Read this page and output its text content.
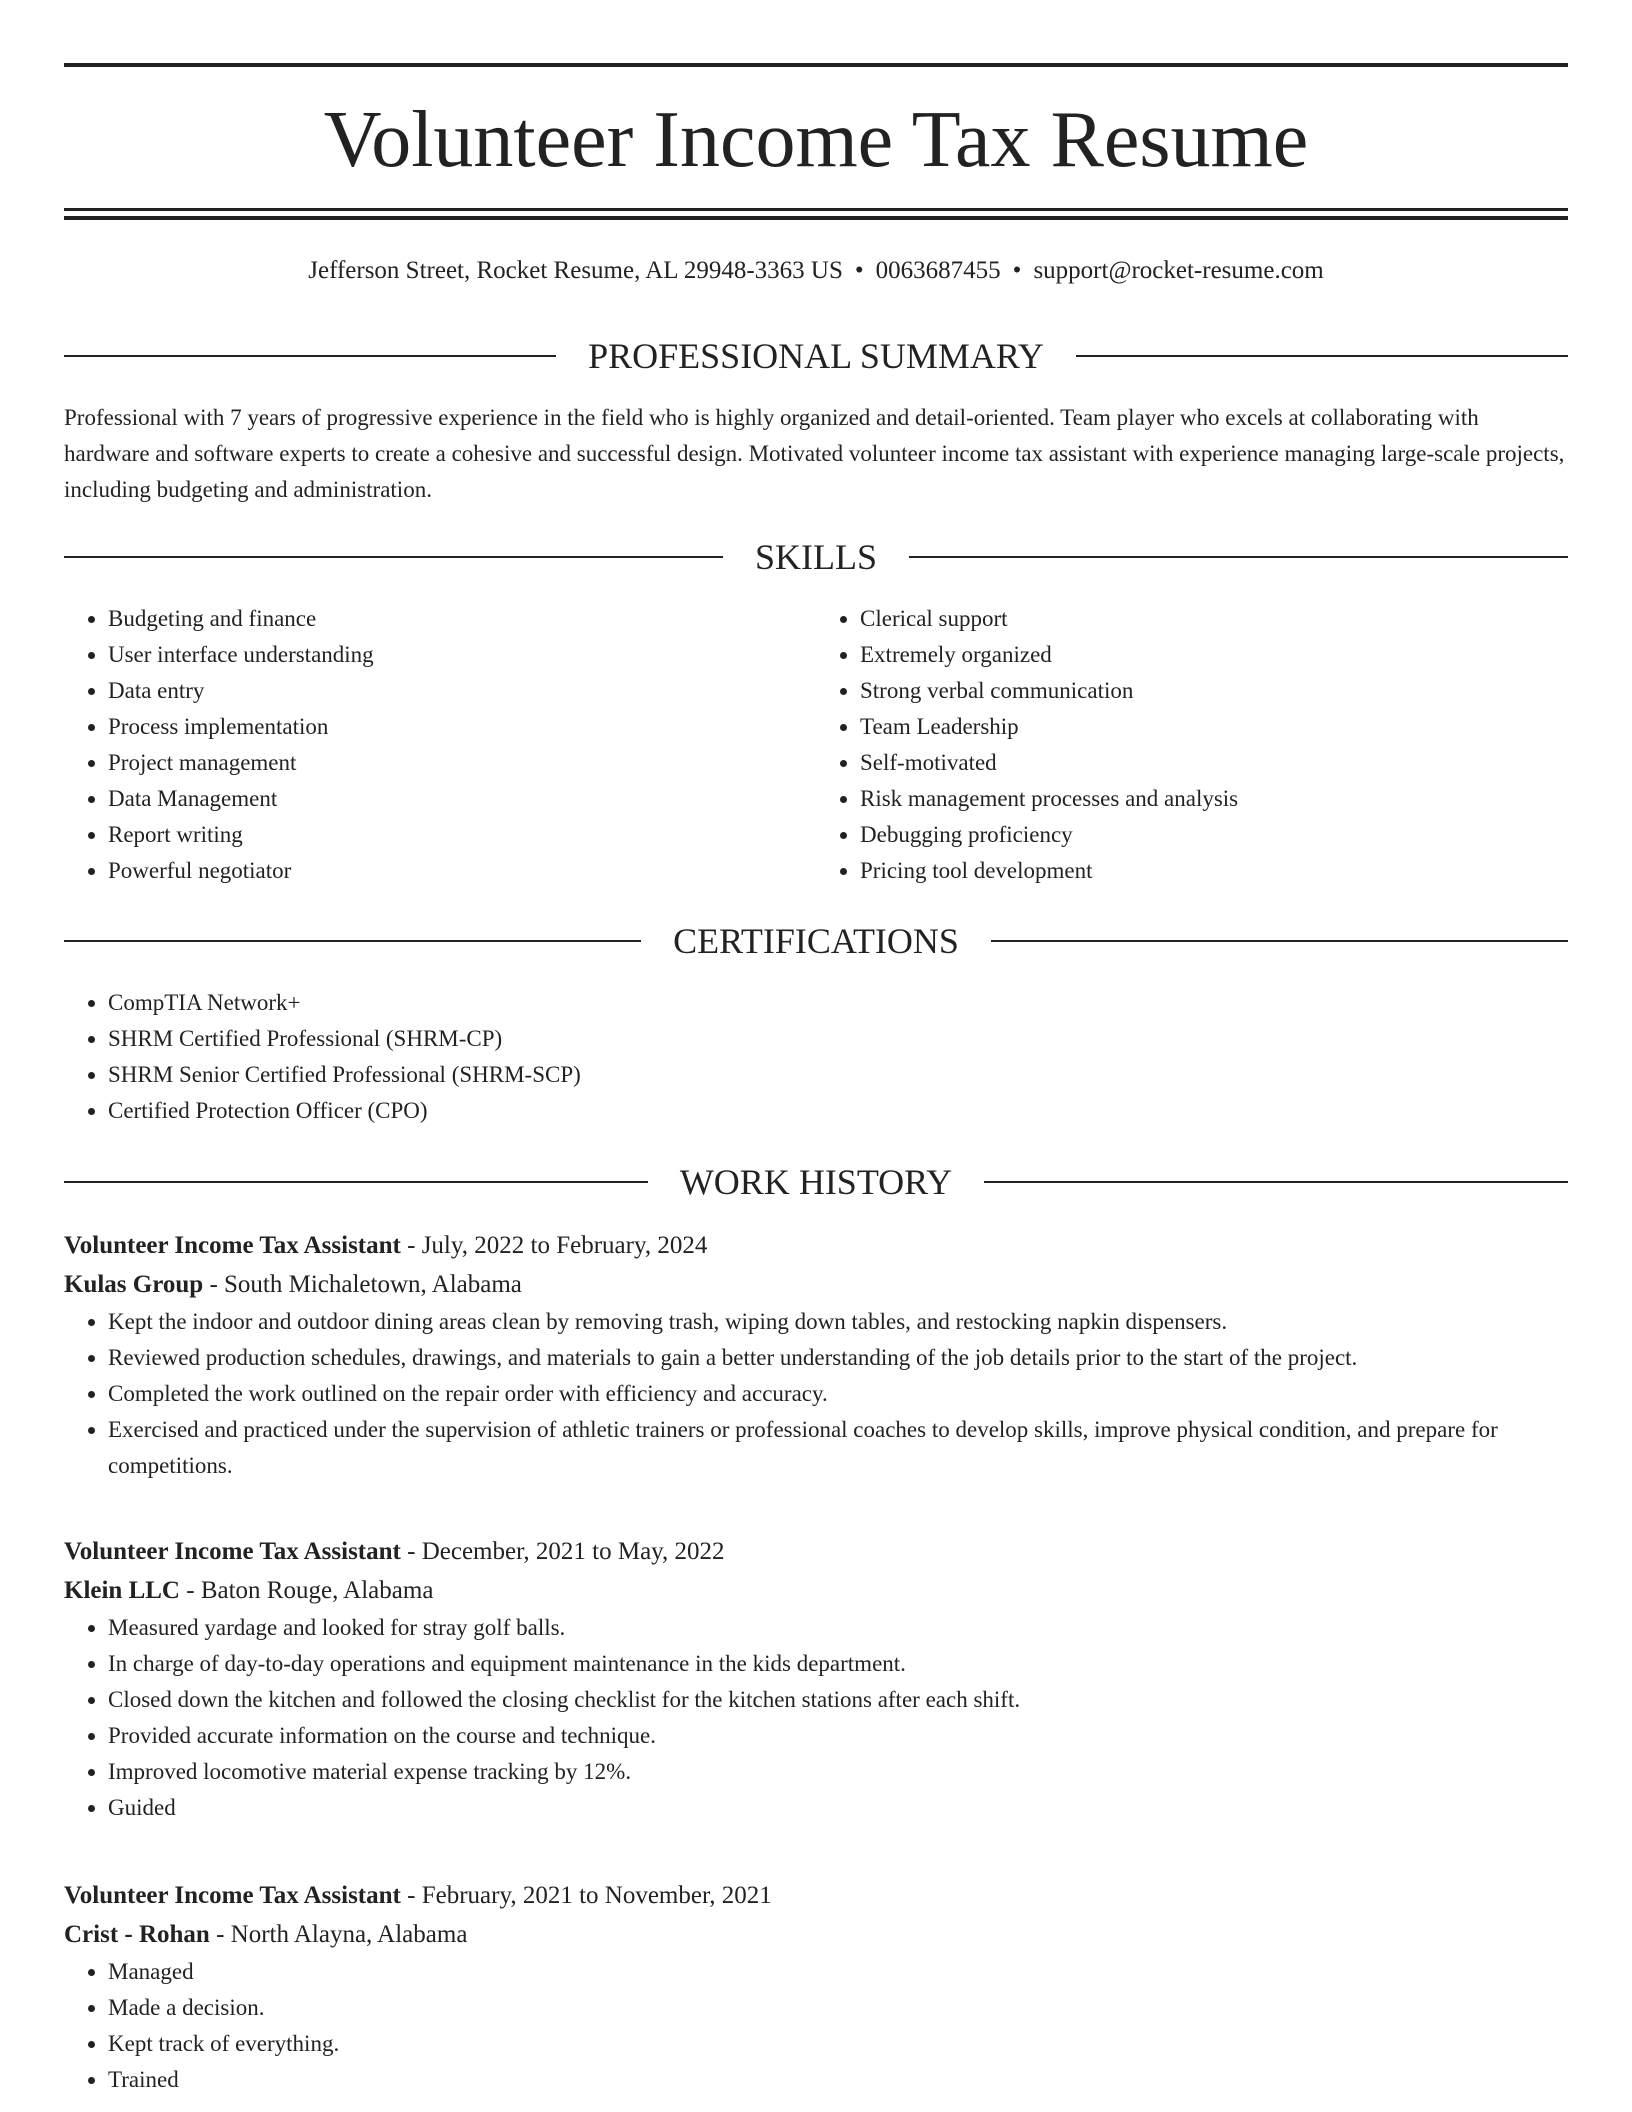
Volunteer Income Tax Resume
Jefferson Street, Rocket Resume, AL 29948-3363 US • 0063687455 • support@rocket-resume.com
PROFESSIONAL SUMMARY

Professional with 7 years of progressive experience in the field who is highly organized and detail-oriented. Team player who excels at collaborating with hardware and software experts to create a cohesive and successful design. Motivated volunteer income tax assistant with experience managing large-scale projects, including budgeting and administration.

SKILLS
• Budgeting and finance
• User interface understanding
• Data entry
• Process implementation
• Project management
• Data Management
• Report writing
• Powerful negotiator
• Clerical support
• Extremely organized
• Strong verbal communication
• Team Leadership
• Self-motivated
• Risk management processes and analysis
• Debugging proficiency
• Pricing tool development
CERTIFICATIONS
• CompTIA Network+
• SHRM Certified Professional (SHRM-CP)
• SHRM Senior Certified Professional (SHRM-SCP)
• Certified Protection Officer (CPO)
WORK HISTORY
Volunteer Income Tax Assistant - July, 2022 to February, 2024
Kulas Group - South Michaletown, Alabama
• Kept the indoor and outdoor dining areas clean by removing trash, wiping down tables, and restocking napkin dispensers.
• Reviewed production schedules, drawings, and materials to gain a better understanding of the job details prior to the start of the project.
• Completed the work outlined on the repair order with efficiency and accuracy.
• Exercised and practiced under the supervision of athletic trainers or professional coaches to develop skills, improve physical condition, and prepare for competitions.
Volunteer Income Tax Assistant - December, 2021 to May, 2022
Klein LLC - Baton Rouge, Alabama
• Measured yardage and looked for stray golf balls.
• In charge of day-to-day operations and equipment maintenance in the kids department.
• Closed down the kitchen and followed the closing checklist for the kitchen stations after each shift.
• Provided accurate information on the course and technique.
• Improved locomotive material expense tracking by 12%.
• Guided
Volunteer Income Tax Assistant - February, 2021 to November, 2021
Crist - Rohan - North Alayna, Alabama
• Managed
• Made a decision.
• Kept track of everything.
• Trained
